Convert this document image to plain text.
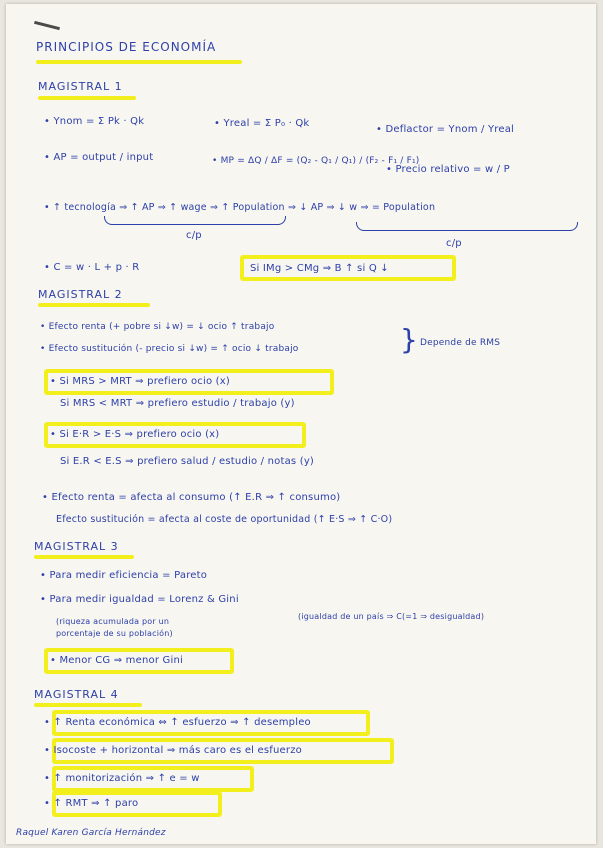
PRINCIPIOS DE ECONOMÍA
MAGISTRAL 1
• Ynom = Σ Pk · Qk	• Yreal = Σ P₀ · Qk
• Deflactor = Ynom / Yreal
• AP = output / input	• MP = ΔQ / ΔF = (Q₂ - Q₁ / Q₁) / (F₂ - F₁ / F₁)
• Precio relativo = w / P
• ↑ tecnología ⇒ ↑ AP ⇒ ↑ wage ⇒ ↑ Population ⇒ ↓ AP ⇒ ↓ w ⇒ = Population
c/p
c/p
• C = w · L + p · R	Si IMg > CMg ⇒ B ↑ si Q ↓
MAGISTRAL 2
• Efecto renta (+ pobre si ↓w) = ↓ ocio ↑ trabajo
• Efecto sustitución (- precio si ↓w) = ↑ ocio ↓ trabajo	} Depende de RMS
• Si MRS > MRT ⇒ prefiero ocio (x)
Si MRS < MRT ⇒ prefiero estudio / trabajo (y)
• Si E·R > E·S ⇒ prefiero ocio (x)
Si E.R < E.S ⇒ prefiero salud / estudio / notas (y)
• Efecto renta = afecta al consumo (↑ E.R ⇒ ↑ consumo)
Efecto sustitución = afecta al coste de oportunidad (↑ E·S ⇒ ↑ C·O)
MAGISTRAL 3
• Para medir eficiencia = Pareto
• Para medir igualdad = Lorenz & Gini
(igualdad de un país ⇒ C(=1 ⇒ desigualdad)
(riqueza acumulada por un porcentaje de su población)
• Menor CG ⇒ menor Gini
MAGISTRAL 4
• ↑ Renta económica ⇔ ↑ esfuerzo ⇒ ↑ desempleo
• Isocoste + horizontal ⇒ más caro es el esfuerzo
• ↑ monitorización ⇒ ↑ e = w
• ↑ RMT ⇒ ↑ paro
Raquel Karen García Hernández
